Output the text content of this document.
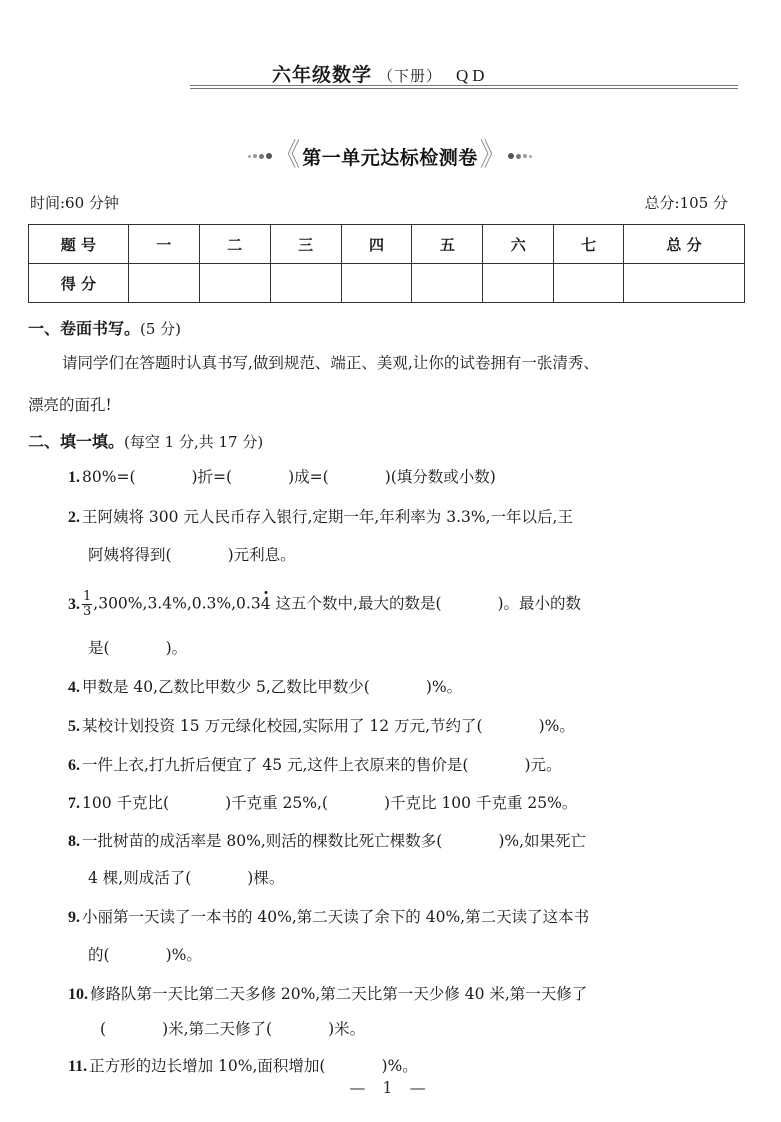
六年级数学 （下册） QD
《 第一单元达标检测卷 》
时间:60 分钟	总分:105 分
题 号	一	二	三	四	五	六	七	总 分
得 分								
一、卷面书写。(5 分)
请同学们在答题时认真书写,做到规范、端正、美观,让你的试卷拥有一张清秀、
漂亮的面孔!
二、填一填。(每空 1 分,共 17 分)
1. 80%=(	)折=(	)成=(	)(填分数或小数)
2. 王阿姨将 300 元人民币存入银行,定期一年,年利率为 3.3%,一年以后,王
阿姨将得到(	)元利息。
3. $\frac{1}{3} ,300\%,3.4\%,0.3\%,0.34$ 这五个数中,最大的数是(	)。最小的数
是(	)。
4. 甲数是 40,乙数比甲数少 5,乙数比甲数少(	)%。
5. 某校计划投资 15 万元绿化校园,实际用了 12 万元,节约了(	)%。
6. 一件上衣,打九折后便宜了 45 元,这件上衣原来的售价是(	)元。
7. 100 千克比(	)千克重 25%,(	)千克比 100 千克重 25%。
8. 一批树苗的成活率是 80%,则活的棵数比死亡棵数多(	)%,如果死亡
4 棵,则成活了(	)棵。
9. 小丽第一天读了一本书的 40%,第二天读了余下的 40%,第二天读了这本书
的(	)%。
10. 修路队第一天比第二天多修 20%,第二天比第一天少修 40 米,第一天修了
(	)米,第二天修了(	)米。
11. 正方形的边长增加 10%,面积增加(	)%。
— 1 —
